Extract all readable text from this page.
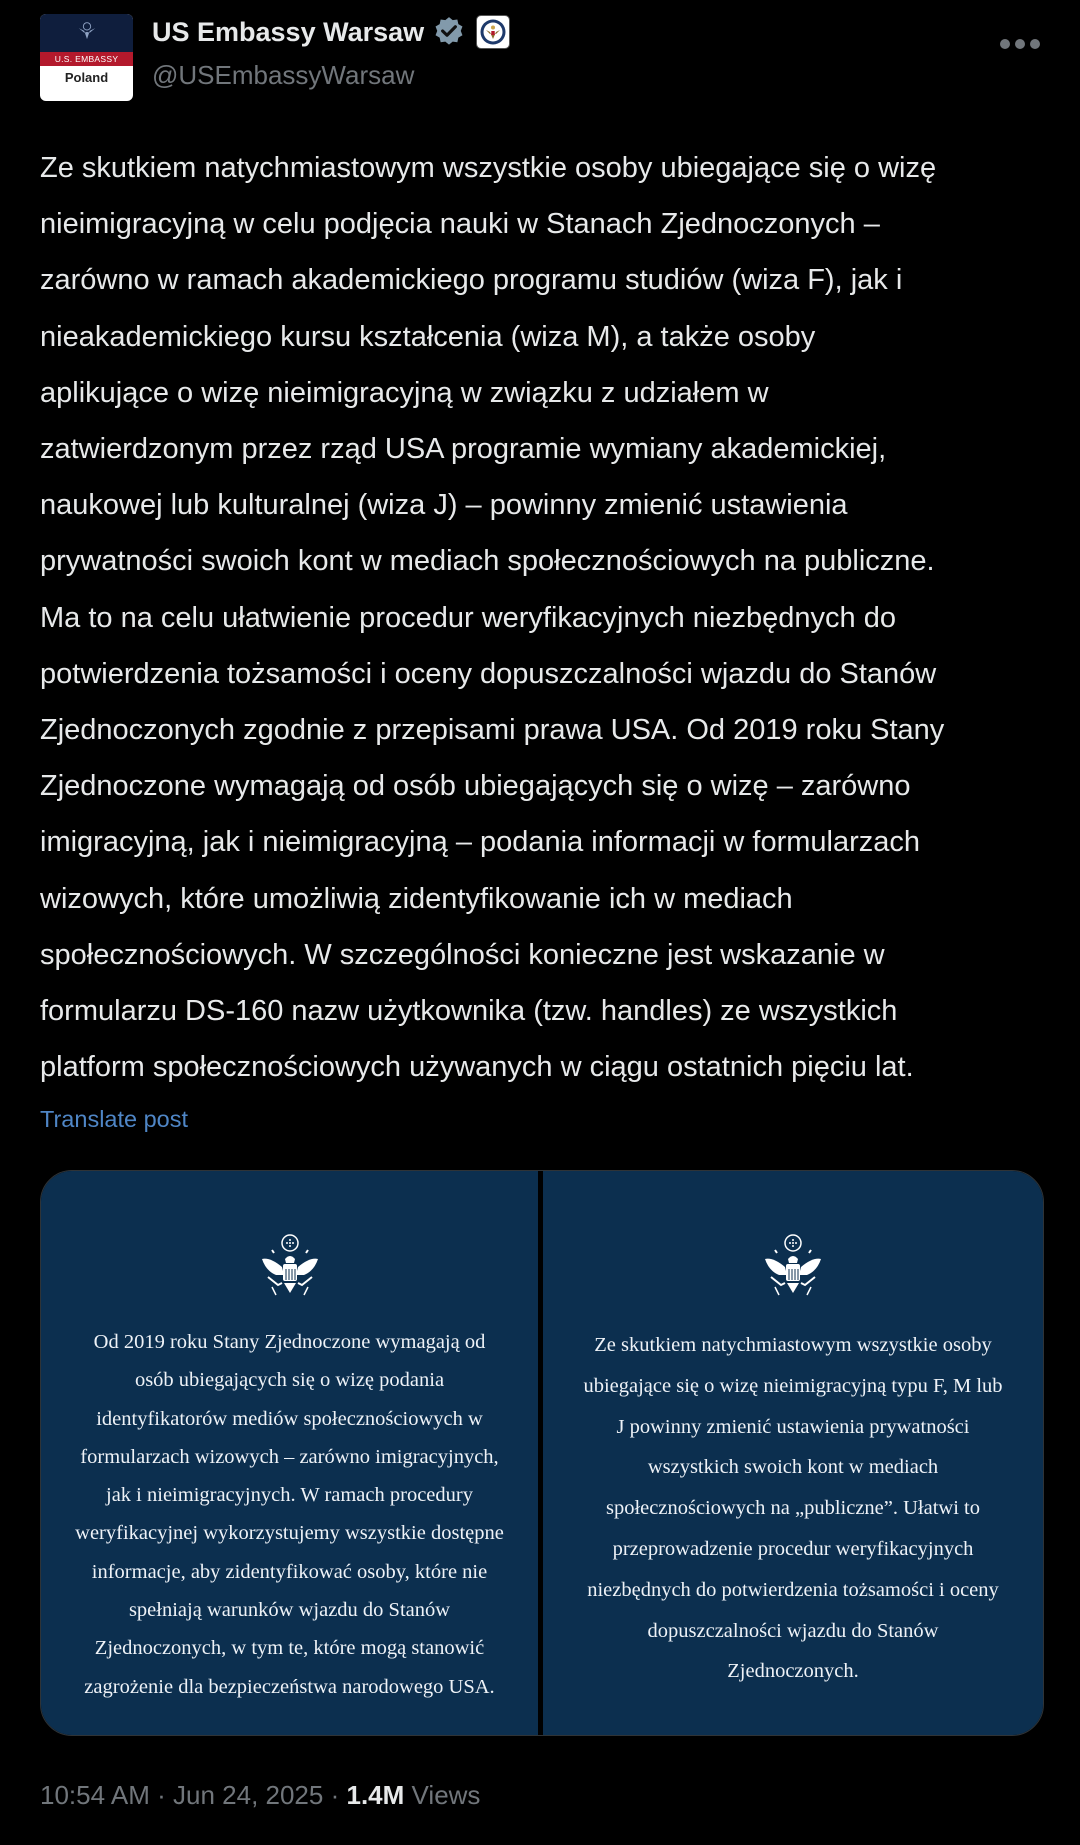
U.S. EMBASSY
Poland
US Embassy Warsaw
@USEmbassyWarsaw
Ze skutkiem natychmiastowym wszystkie osoby ubiegające się o wizę
nieimigracyjną w celu podjęcia nauki w Stanach Zjednoczonych –
zarówno w ramach akademickiego programu studiów (wiza F), jak i
nieakademickiego kursu kształcenia (wiza M), a także osoby
aplikujące o wizę nieimigracyjną w związku z udziałem w
zatwierdzonym przez rząd USA programie wymiany akademickiej,
naukowej lub kulturalnej (wiza J) – powinny zmienić ustawienia
prywatności swoich kont w mediach społecznościowych na publiczne.
Ma to na celu ułatwienie procedur weryfikacyjnych niezbędnych do
potwierdzenia tożsamości i oceny dopuszczalności wjazdu do Stanów
Zjednoczonych zgodnie z przepisami prawa USA. Od 2019 roku Stany
Zjednoczone wymagają od osób ubiegających się o wizę – zarówno
imigracyjną, jak i nieimigracyjną – podania informacji w formularzach
wizowych, które umożliwią zidentyfikowanie ich w mediach
społecznościowych. W szczególności konieczne jest wskazanie w
formularzu DS-160 nazw użytkownika (tzw. handles) ze wszystkich
platform społecznościowych używanych w ciągu ostatnich pięciu lat.
Translate post
Od 2019 roku Stany Zjednoczone wymagają od
osób ubiegających się o wizę podania
identyfikatorów mediów społecznościowych w
formularzach wizowych – zarówno imigracyjnych,
jak i nieimigracyjnych. W ramach procedury
weryfikacyjnej wykorzystujemy wszystkie dostępne
informacje, aby zidentyfikować osoby, które nie
spełniają warunków wjazdu do Stanów
Zjednoczonych, w tym te, które mogą stanowić
zagrożenie dla bezpieczeństwa narodowego USA.
Ze skutkiem natychmiastowym wszystkie osoby
ubiegające się o wizę nieimigracyjną typu F, M lub
J powinny zmienić ustawienia prywatności
wszystkich swoich kont w mediach
społecznościowych na „publiczne”. Ułatwi to
przeprowadzenie procedur weryfikacyjnych
niezbędnych do potwierdzenia tożsamości i oceny
dopuszczalności wjazdu do Stanów
Zjednoczonych.
10:54 AM · Jun 24, 2025 · 1.4M Views
